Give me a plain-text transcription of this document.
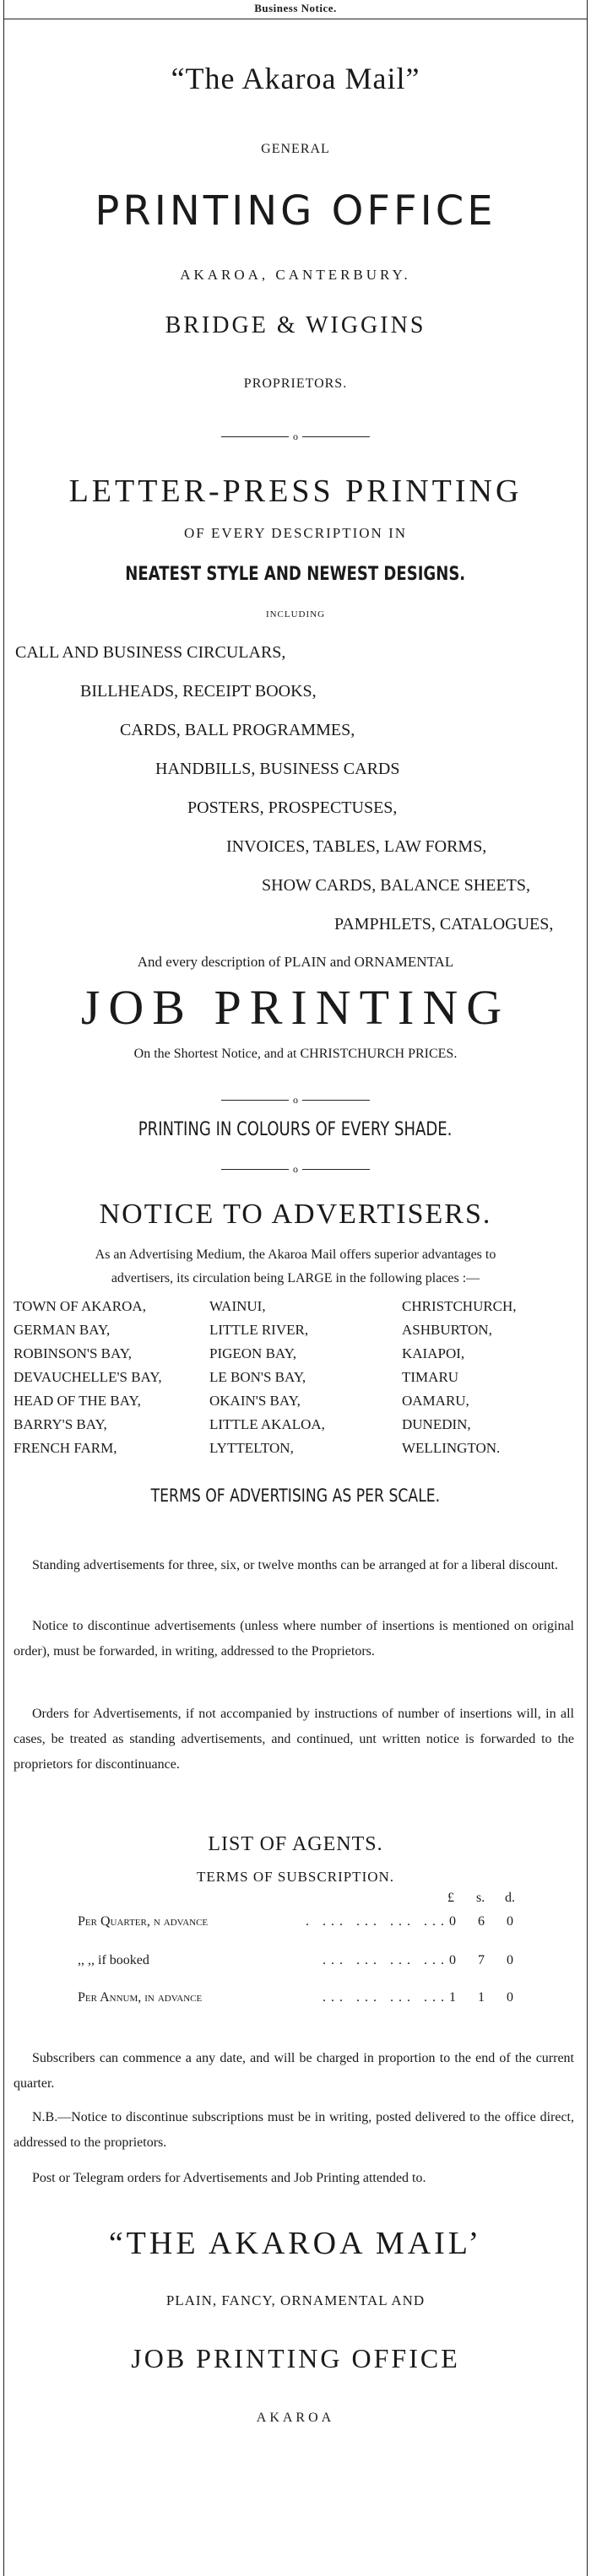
Business Notice.
“The Akaroa Mail”
GENERAL
PRINTING OFFICE
AKAROA, CANTERBURY.
BRIDGE & WIGGINS
PROPRIETORS.
o
LETTER-PRESS PRINTING
OF EVERY DESCRIPTION IN
NEATEST STYLE AND NEWEST DESIGNS.
INCLUDING
CALL AND BUSINESS CIRCULARS,
BILLHEADS, RECEIPT BOOKS,
CARDS, BALL PROGRAMMES,
HANDBILLS, BUSINESS CARDS
POSTERS, PROSPECTUSES,
INVOICES, TABLES, LAW FORMS,
SHOW CARDS, BALANCE SHEETS,
PAMPHLETS, CATALOGUES,
And every description of PLAIN and ORNAMENTAL
JOB PRINTING
On the Shortest Notice, and at CHRISTCHURCH PRICES.
o
PRINTING IN COLOURS OF EVERY SHADE.
o
NOTICE TO ADVERTISERS.
As an Advertising Medium, the Akaroa Mail offers superior advantages to
advertisers, its circulation being LARGE in the following places :—
TOWN OF AKAROA,	WAINUI,	CHRISTCHURCH,
GERMAN BAY,	LITTLE RIVER,	ASHBURTON,
ROBINSON'S BAY,	PIGEON BAY,	KAIAPOI,
DEVAUCHELLE'S BAY,	LE BON'S BAY,	TIMARU
HEAD OF THE BAY,	OKAIN'S BAY,	OAMARU,
BARRY'S BAY,	LITTLE AKALOA,	DUNEDIN,
FRENCH FARM,	LYTTELTON,	WELLINGTON.
TERMS OF ADVERTISING AS PER SCALE.
Standing advertisements for three, six, or twelve months can be arranged at for a liberal discount.
Notice to discontinue advertisements (unless where number of insertions is mentioned on original order), must be forwarded, in writing, addressed to the Proprietors.
Orders for Advertisements, if not accompanied by instructions of number of insertions will, in all cases, be treated as standing advertisements, and continued, unt written notice is forwarded to the proprietors for discontinuance.
LIST OF AGENTS.
TERMS OF SUBSCRIPTION.
£ s. d.
Per Quarter, n advance	. ... ... ... ... 0 6 0
,, ,, if booked	... ... ... ... 0 7 0
Per Annum, in advance	... ... ... ... 1 1 0
Subscribers can commence a any date, and will be charged in proportion to the end of the current quarter.
N.B.—Notice to discontinue subscriptions must be in writing, posted delivered to the office direct, addressed to the proprietors.
Post or Telegram orders for Advertisements and Job Printing attended to.
“THE AKAROA MAIL’
PLAIN, FANCY, ORNAMENTAL AND
JOB PRINTING OFFICE
AKAROA
